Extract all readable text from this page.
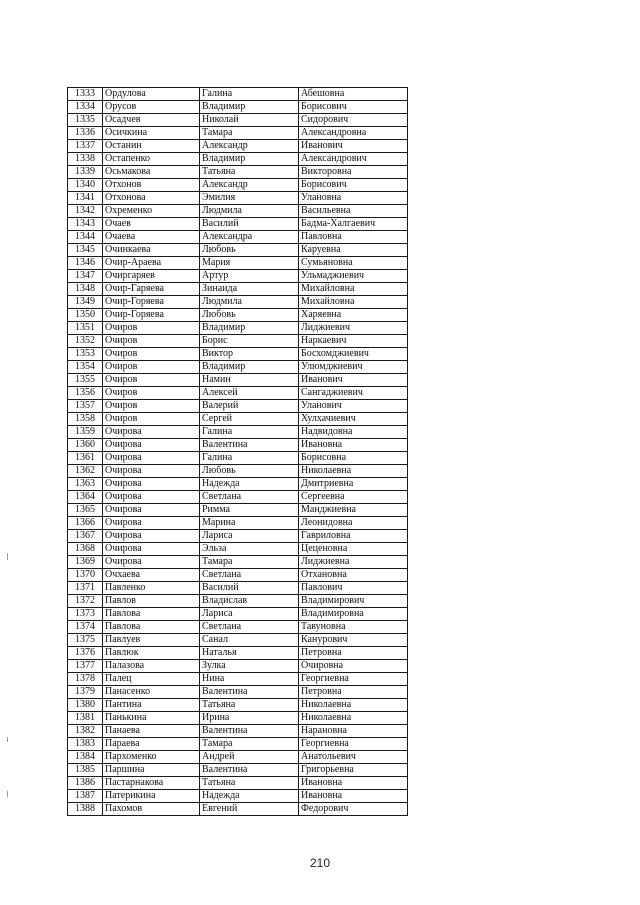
1333	Ордулова	Галина	Абешовна
1334	Орусов	Владимир	Борисович
1335	Осадчев	Николай	Сидорович
1336	Осичкина	Тамара	Александровна
1337	Останин	Александр	Иванович
1338	Остапенко	Владимир	Александрович
1339	Осьмакова	Татьяна	Викторовна
1340	Отхонов	Александр	Борисович
1341	Отхонова	Эмилия	Улановна
1342	Охременко	Людмила	Васильевна
1343	Очаев	Василий	Бадма-Халгаевич
1344	Очаева	Александра	Павловна
1345	Очинкаева	Любовь	Каруевна
1346	Очир-Араева	Мария	Сумьяновна
1347	Очиргаряев	Артур	Ульмаджиевич
1348	Очир-Гаряева	Зинаида	Михайловна
1349	Очир-Горяева	Людмила	Михайловна
1350	Очир-Горяева	Любовь	Харяевна
1351	Очиров	Владимир	Лиджиевич
1352	Очиров	Борис	Наркаевич
1353	Очиров	Виктор	Босхомджиевич
1354	Очиров	Владимир	Улюмджиевич
1355	Очиров	Намин	Иванович
1356	Очиров	Алексей	Сангаджиевич
1357	Очиров	Валерий	Уланович
1358	Очиров	Сергей	Хулхачиевич
1359	Очирова	Галина	Надвидовна
1360	Очирова	Валентина	Ивановна
1361	Очирова	Галина	Борисовна
1362	Очирова	Любовь	Николаевна
1363	Очирова	Надежда	Дмитриевна
1364	Очирова	Светлана	Сергеевна
1365	Очирова	Римма	Манджиевна
1366	Очирова	Марина	Леонидовна
1367	Очирова	Лариса	Гавриловна
1368	Очирова	Эльза	Цеценовна
1369	Очирова	Тамара	Лиджиевна
1370	Очхаева	Светлана	Отхановна
1371	Павленко	Василий	Павлович
1372	Павлов	Владислав	Владимирович
1373	Павлова	Лариса	Владимировна
1374	Павлова	Светлана	Тавуновна
1375	Павлуев	Санал	Канурович
1376	Павлюк	Наталья	Петровна
1377	Палазова	Зулка	Очировна
1378	Палец	Нина	Георгиевна
1379	Панасенко	Валентина	Петровна
1380	Пантина	Татьяна	Николаевна
1381	Панькина	Ирина	Николаевна
1382	Панаева	Валентина	Нарановна
1383	Параева	Тамара	Георгиевна
1384	Пархоменко	Андрей	Анатольевич
1385	Паршина	Валентина	Григорьевна
1386	Пастарнакова	Татьяна	Ивановна
1387	Патерикина	Надежда	Ивановна
1388	Пахомов	Евгений	Федорович
210
